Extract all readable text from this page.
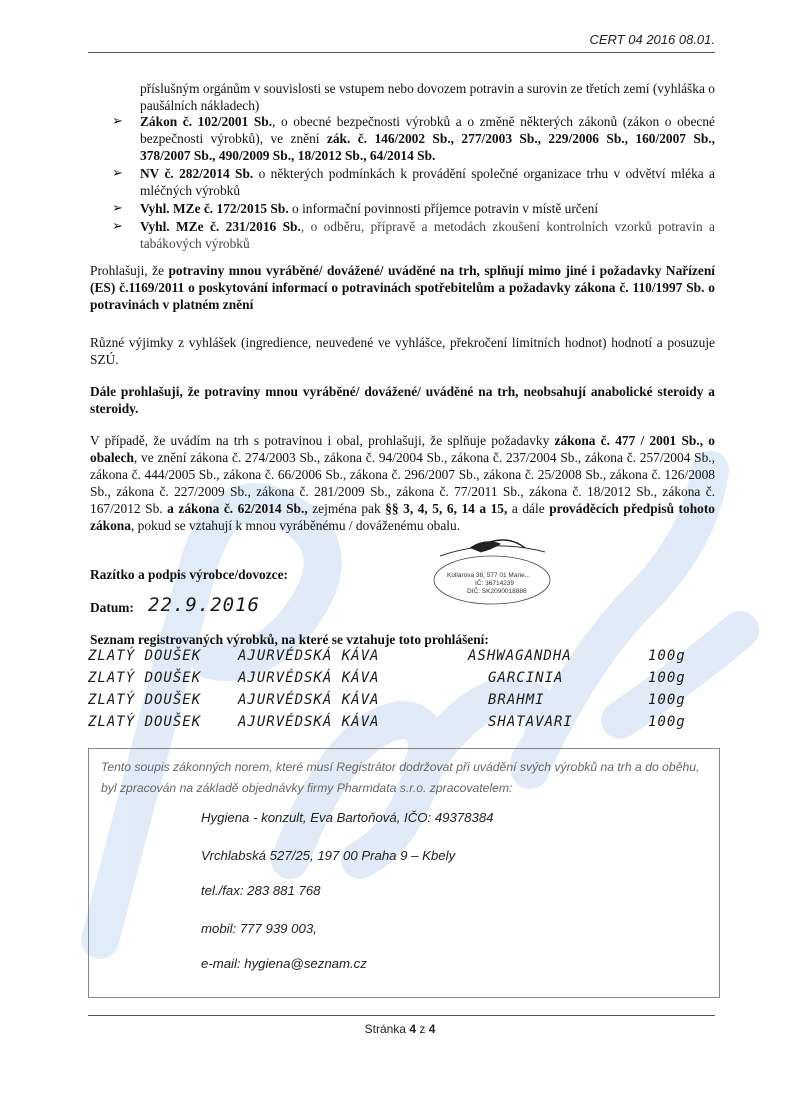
CERT 04 2016 08.01.
příslušným orgánům v souvislosti se vstupem nebo dovozem potravin a surovin ze třetích zemí (vyhláška o paušálních nákladech)
➢ Zákon č. 102/2001 Sb., o obecné bezpečnosti výrobků a o změně některých zákonů (zákon o obecné bezpečnosti výrobků), ve znění zák. č. 146/2002 Sb., 277/2003 Sb., 229/2006 Sb., 160/2007 Sb., 378/2007 Sb., 490/2009 Sb., 18/2012 Sb., 64/2014 Sb.
➢ NV č. 282/2014 Sb. o některých podmínkách k provádění společné organizace trhu v odvětví mléka a mléčných výrobků
➢ Vyhl. MZe č. 172/2015 Sb. o informační povinnosti příjemce potravin v místě určení
➢ Vyhl. MZe č. 231/2016 Sb., o odběru, přípravě a metodách zkoušení kontrolních vzorků potravin a tabákových výrobků
Prohlašuji, že potraviny mnou vyráběné/ dovážené/ uváděné na trh, splňují mimo jiné i požadavky Nařízení (ES) č.1169/2011 o poskytování informací o potravinách spotřebitelům a požadavky zákona č. 110/1997 Sb. o potravinách v platném znění
Různé výjimky z vyhlášek (ingredience, neuvedené ve vyhlášce, překročení limitních hodnot) hodnotí a posuzuje SZÚ.
Dále prohlašuji, že potraviny mnou vyráběné/ dovážené/ uváděné na trh, neobsahují anabolické steroidy a steroidy.
V případě, že uvádím na trh s potravinou i obal, prohlašuji, že splňuje požadavky zákona č. 477 / 2001 Sb., o obalech, ve znění zákona č. 274/2003 Sb., zákona č. 94/2004 Sb., zákona č. 237/2004 Sb., zákona č. 257/2004 Sb., zákona č. 444/2005 Sb., zákona č. 66/2006 Sb., zákona č. 296/2007 Sb., zákona č. 25/2008 Sb., zákona č. 126/2008 Sb., zákona č. 227/2009 Sb., zákona č. 281/2009 Sb., zákona č. 77/2011 Sb., zákona č. 18/2012 Sb., zákona č. 167/2012 Sb. a zákona č. 62/2014 Sb., zejména pak §§ 3, 4, 5, 6, 14 a 15, a dále prováděcích předpisů tohoto zákona, pokud se vztahují k mnou vyráběnému / dováženému obalu.
Razítko a podpis výrobce/dovozce:	Kollárova 38, 577 01 Marie...
IČ: 36714239
DIČ: SK2090018886
Datum: 22.9.2016
Seznam registrovaných výrobků, na které se vztahuje toto prohlášení:
ZLATÝ DOUŠEK	AJURVÉDSKÁ KÁVA	ASHWAGANDHA	100g
ZLATÝ DOUŠEK	AJURVÉDSKÁ KÁVA	GARCINIA	100g
ZLATÝ DOUŠEK	AJURVÉDSKÁ KÁVA	BRAHMI	100g
ZLATÝ DOUŠEK	AJURVÉDSKÁ KÁVA	SHATAVARI	100g
Tento soupis zákonných norem, které musí Registrátor dodržovat při uvádění svých výrobků na trh a do oběhu, byl zpracován na základě objednávky firmy Pharmdata s.r.o. zpracovatelem:
Hygiena - konzult, Eva Bartoňová, IČO: 49378384
Vrchlabská 527/25, 197 00 Praha 9 – Kbely
tel./fax: 283 881 768
mobil: 777 939 003,
e-mail: hygiena@seznam.cz
Stránka 4 z 4
